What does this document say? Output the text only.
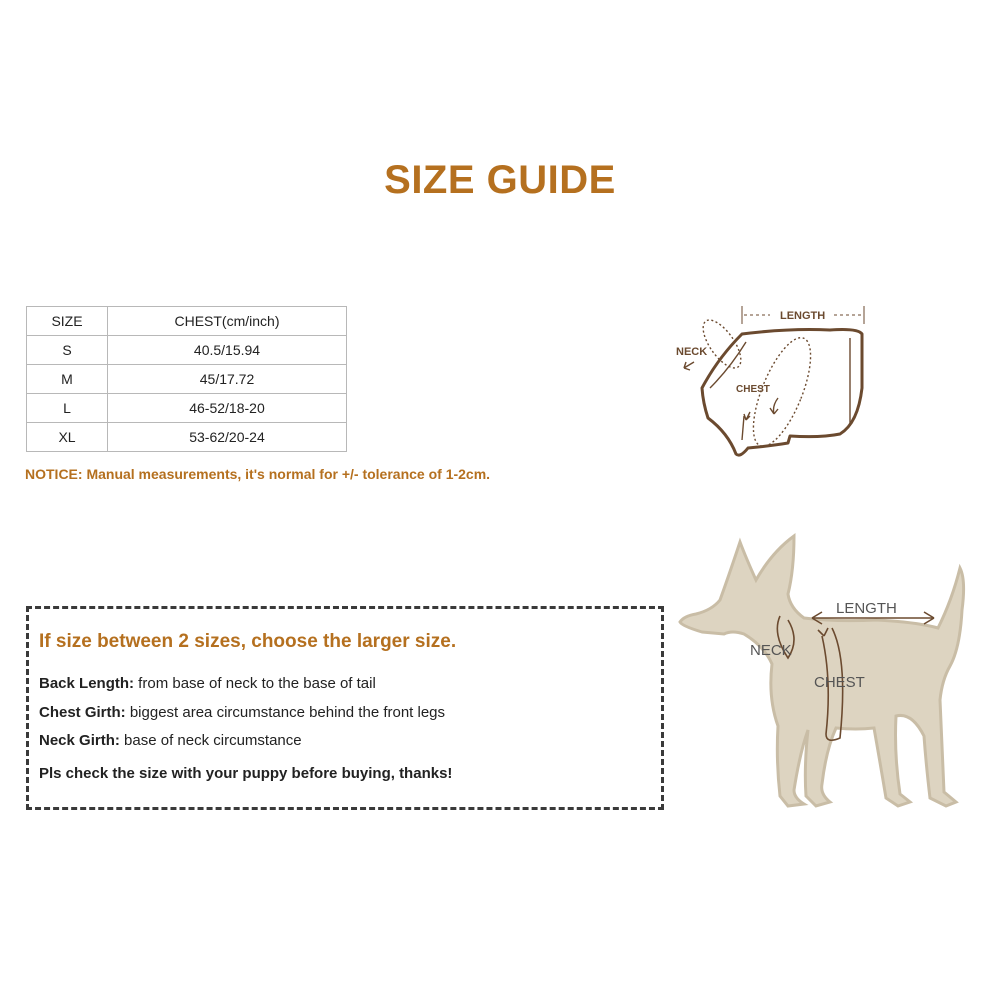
SIZE GUIDE
SIZE	CHEST(cm/inch)
S	40.5/15.94
M	45/17.72
L	46-52/18-20
XL	53-62/20-24
NOTICE: Manual measurements, it's normal for +/- tolerance of 1-2cm.
LENGTH
NECK
CHEST
If size between 2 sizes, choose the larger size.
Back Length: from base of neck to the base of tail
Chest Girth: biggest area circumstance behind the front legs
Neck Girth: base of neck circumstance
Pls check the size with your puppy before buying, thanks!
NECK
CHEST
LENGTH
